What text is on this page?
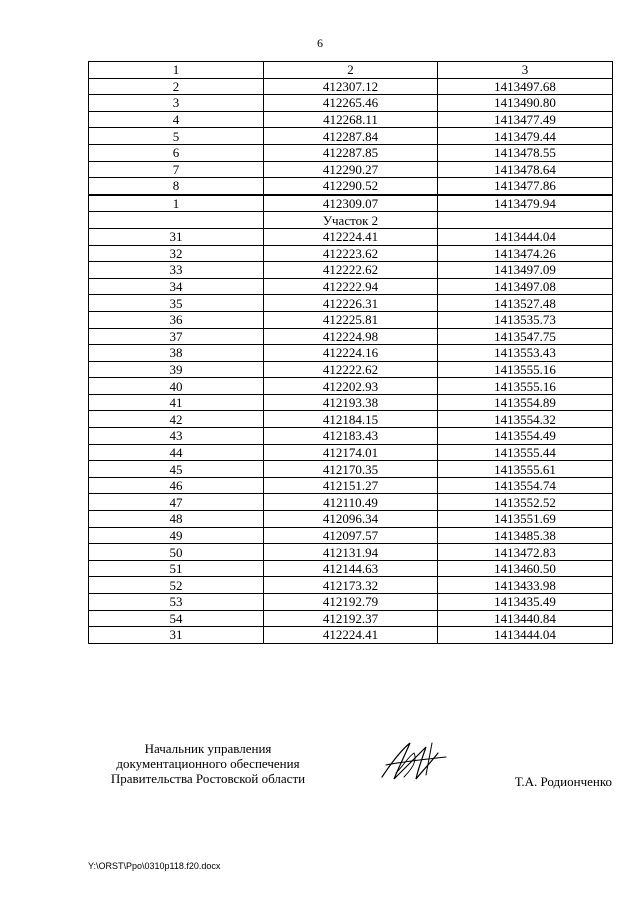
6
1	2	3
2	412307.12	1413497.68
3	412265.46	1413490.80
4	412268.11	1413477.49
5	412287.84	1413479.44
6	412287.85	1413478.55
7	412290.27	1413478.64
8	412290.52	1413477.86
1	412309.07	1413479.94
	Участок 2	
31	412224.41	1413444.04
32	412223.62	1413474.26
33	412222.62	1413497.09
34	412222.94	1413497.08
35	412226.31	1413527.48
36	412225.81	1413535.73
37	412224.98	1413547.75
38	412224.16	1413553.43
39	412222.62	1413555.16
40	412202.93	1413555.16
41	412193.38	1413554.89
42	412184.15	1413554.32
43	412183.43	1413554.49
44	412174.01	1413555.44
45	412170.35	1413555.61
46	412151.27	1413554.74
47	412110.49	1413552.52
48	412096.34	1413551.69
49	412097.57	1413485.38
50	412131.94	1413472.83
51	412144.63	1413460.50
52	412173.32	1413433.98
53	412192.79	1413435.49
54	412192.37	1413440.84
31	412224.41	1413444.04
Начальник управления
документационного обеспечения
Правительства Ростовской области	Т.А. Родионченко
Y:\ORST\Ppo\0310p118.f20.docx
